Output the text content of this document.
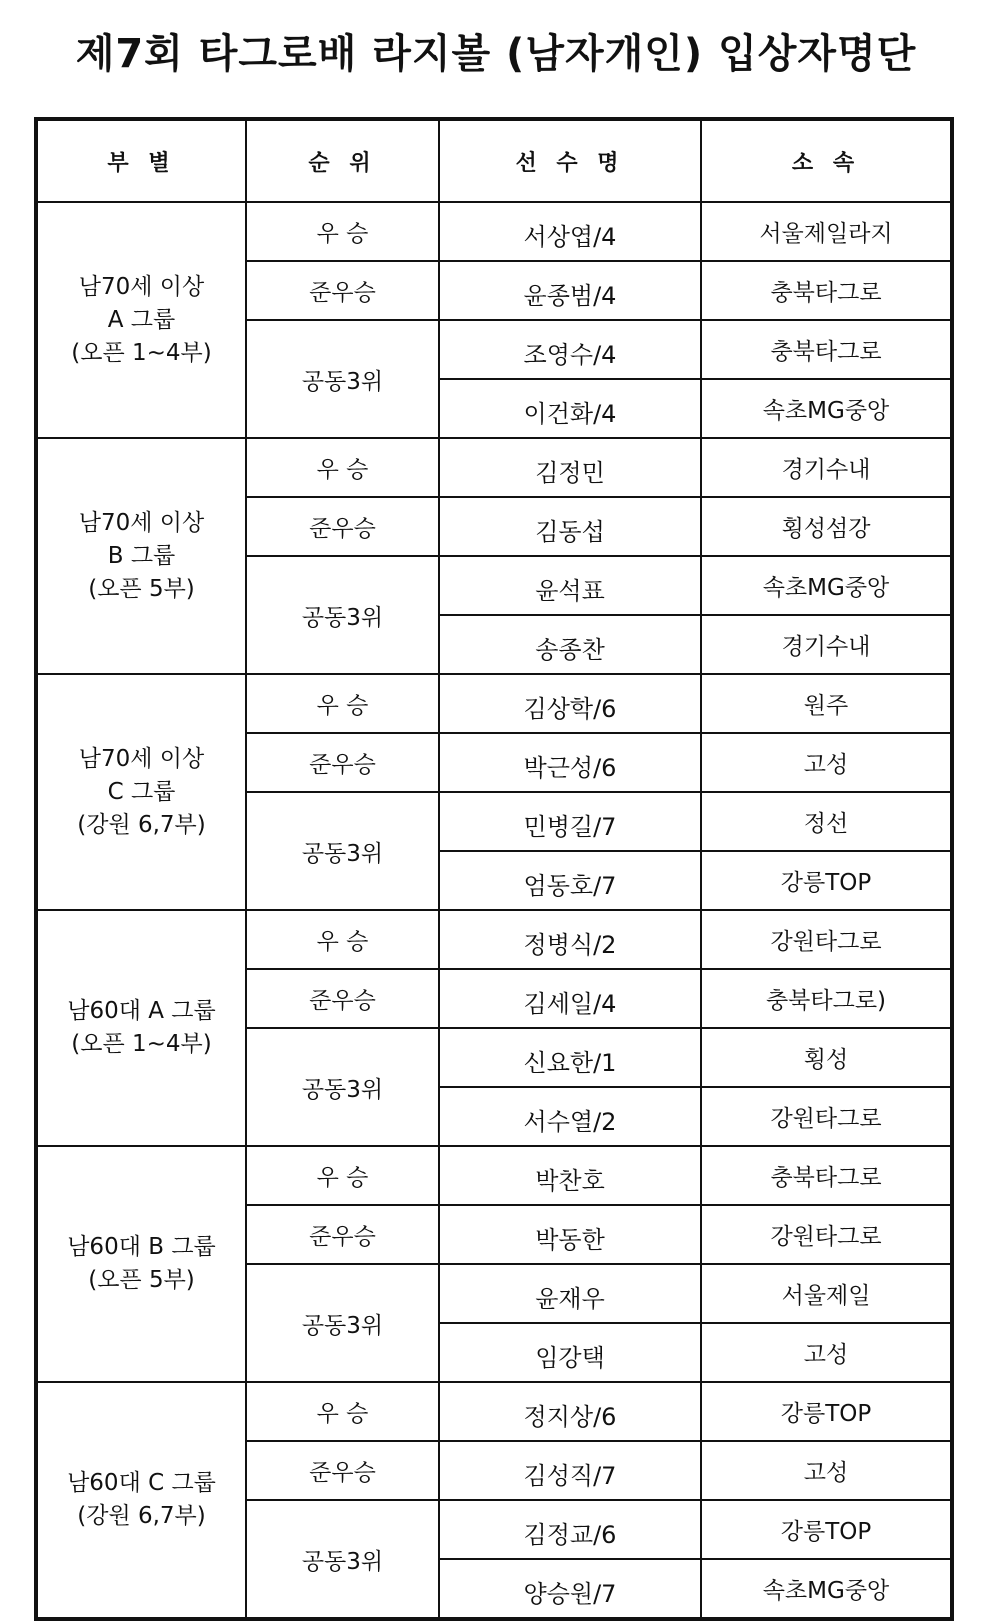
제7회 타그로배 라지볼 (남자개인) 입상자명단
부 별	순 위	선 수 명	소 속

남70세 이상
A 그룹
(오픈 1~4부)	우 승	서상엽/4	서울제일라지
	준우승	윤종범/4	충북타그로
	공동3위	조영수/4	충북타그로
		이건화/4	속초MG중앙

남70세 이상
B 그룹
(오픈 5부)	우 승	김정민	경기수내
	준우승	김동섭	횡성섬강
	공동3위	윤석표	속초MG중앙
		송종찬	경기수내

남70세 이상
C 그룹
(강원 6,7부)	우 승	김상학/6	원주
	준우승	박근성/6	고성
	공동3위	민병길/7	정선
		엄동호/7	강릉TOP

남60대 A 그룹
(오픈 1~4부)	우 승	정병식/2	강원타그로
	준우승	김세일/4	충북타그로)
	공동3위	신요한/1	횡성
		서수열/2	강원타그로

남60대 B 그룹
(오픈 5부)	우 승	박찬호	충북타그로
	준우승	박동한	강원타그로
	공동3위	윤재우	서울제일
		임강택	고성

남60대 C 그룹
(강원 6,7부)	우 승	정지상/6	강릉TOP
	준우승	김성직/7	고성
	공동3위	김정교/6	강릉TOP
		양승원/7	속초MG중앙
